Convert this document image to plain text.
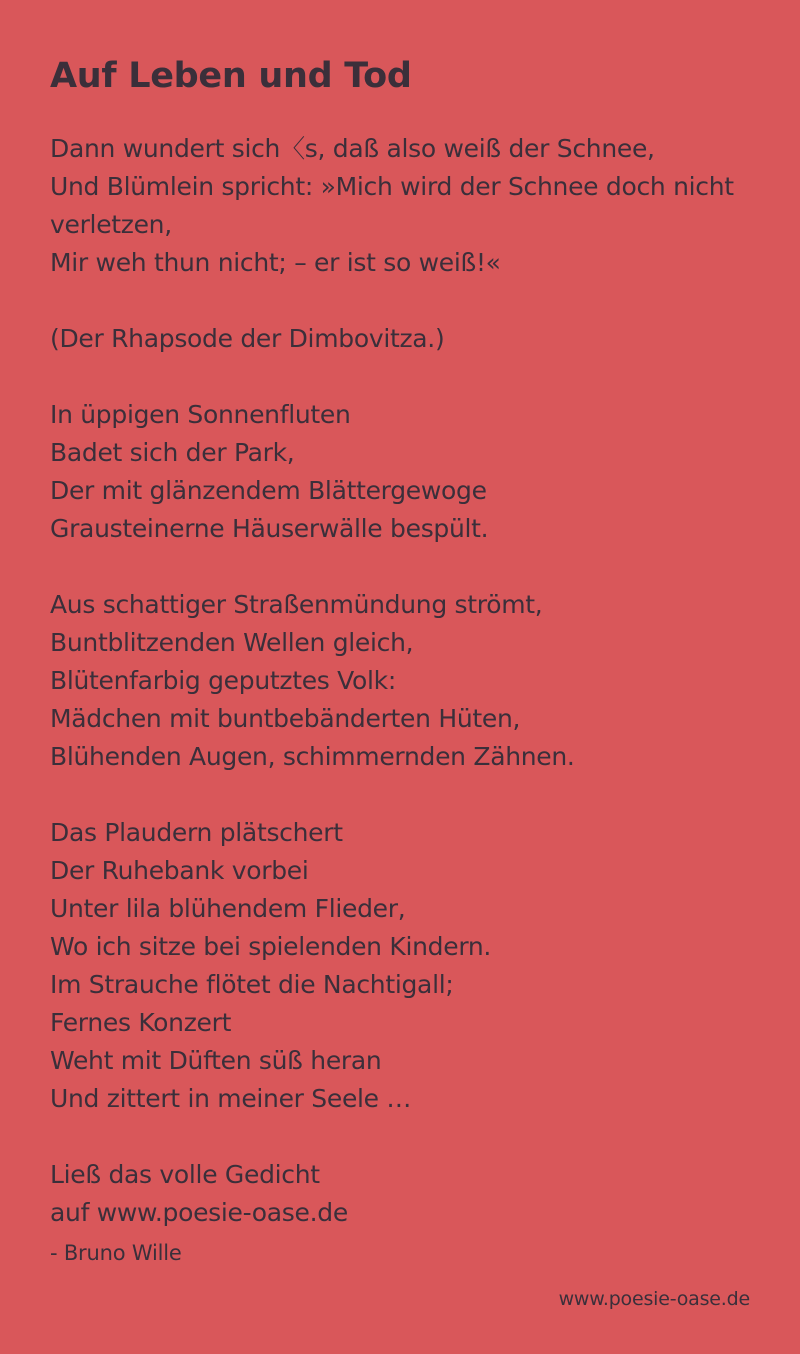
Auf Leben und Tod
Dann wundert sich〈s, daß also weiß der Schnee,
Und Blümlein spricht: »Mich wird der Schnee doch nicht
verletzen,
Mir weh thun nicht; – er ist so weiß!«
(Der Rhapsode der Dimbovitza.)
In üppigen Sonnenfluten
Badet sich der Park,
Der mit glänzendem Blättergewoge
Grausteinerne Häuserwälle bespült.
Aus schattiger Straßenmündung strömt,
Buntblitzenden Wellen gleich,
Blütenfarbig geputztes Volk:
Mädchen mit buntbebänderten Hüten,
Blühenden Augen, schimmernden Zähnen.
Das Plaudern plätschert
Der Ruhebank vorbei
Unter lila blühendem Flieder,
Wo ich sitze bei spielenden Kindern.
Im Strauche flötet die Nachtigall;
Fernes Konzert
Weht mit Düften süß heran
Und zittert in meiner Seele …
Ließ das volle Gedicht
auf www.poesie-oase.de
- Bruno Wille
www.poesie-oase.de
